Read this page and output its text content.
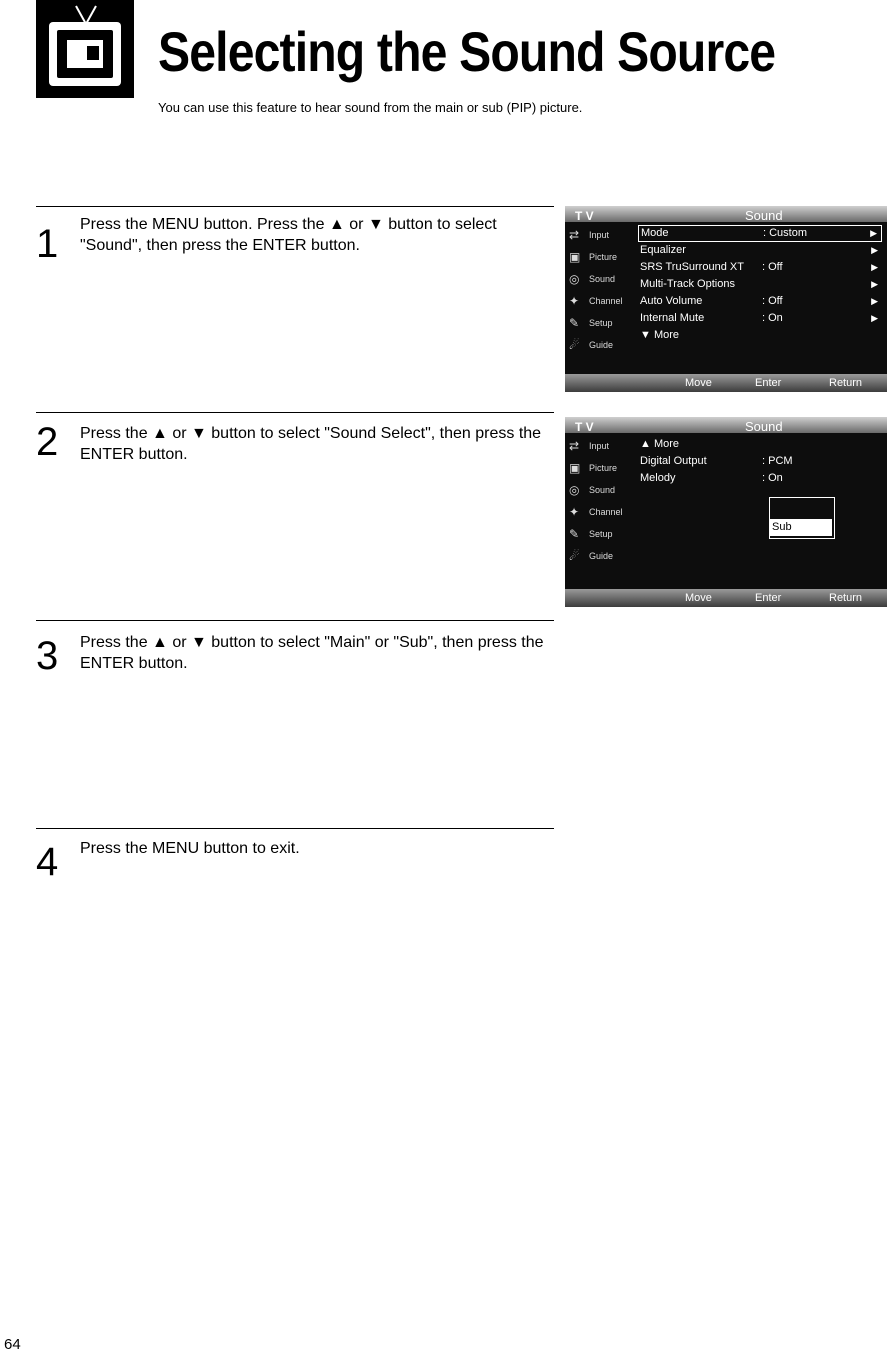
Selecting the Sound Source
You can use this feature to hear sound from the main or sub (PIP) picture.
1 Press the MENU button. Press the ▲ or ▼ button to select "Sound", then press the ENTER button.
T V	Sound
⇄ Input
▣ Picture
◎ Sound
✦ Channel
✎ Setup
☄ Guide
Mode	: Custom	▶
Equalizer	▶
SRS TruSurround XT : Off	▶
Multi-Track Options	▶
Auto Volume	: Off	▶
Internal Mute	: On	▶
▼ More
Move	Enter	Return
2 Press the ▲ or ▼ button to select "Sound Select", then press the ENTER button.
T V	Sound
⇄ Input
▣ Picture
◎ Sound
✦ Channel
✎ Setup
☄ Guide
▲ More
Digital Output	: PCM
Melody	: On
Sub
Move	Enter	Return
3 Press the ▲ or ▼ button to select "Main" or "Sub", then press the ENTER button.
4 Press the MENU button to exit.
64
